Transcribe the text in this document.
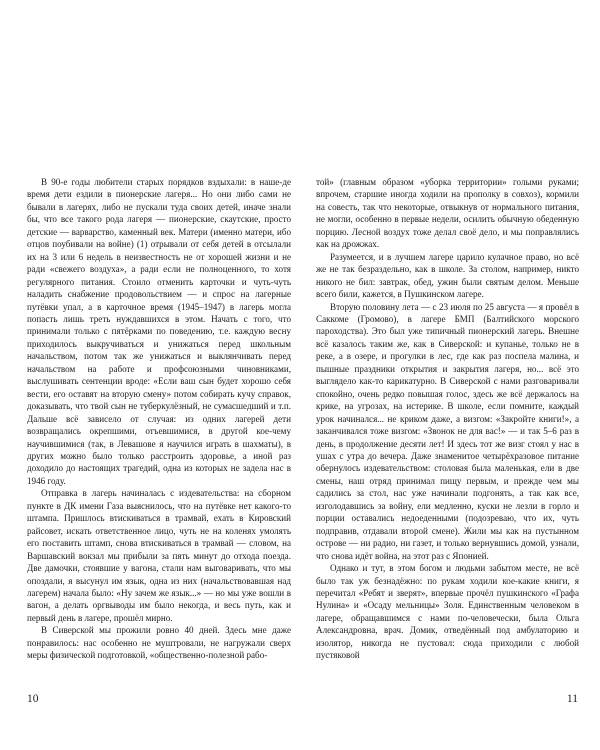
В 90-е годы любители старых порядков вздыхали: в наше-де время дети ездили в пионерские лагеря... Но они либо сами не бывали в лагерях, либо не пускали туда своих детей, иначе знали бы, что все такого рода лагеря — пионерские, скаутские, просто детские — варварство, каменный век. Матери (именно матери, ибо отцов поубивали на войне) (1) отрывали от себя детей в отсылали их на 3 или 6 недель в неизвестность не от хорошей жизни и не ради «свежего воздуха», а ради если не полноценного, то хотя регулярного питания. Стоило отменить карточки и чуть-чуть наладить снабжение продовольствием — и спрос на лагерные путёвки упал, а в карточное время (1945–1947) в лагерь могла попасть лишь треть нуждавшихся в этом. Начать с того, что принимали только с пятёрками по поведению, т.е. каждую весну приходилось выкручиваться и унижаться перед школьным начальством, потом так же унижаться и выклянчивать перед начальством на работе и профсоюзными чиновниками, выслушивать сентенции вроде: «Если ваш сын будет хорошо себя вести, его оставят на вторую смену» потом собирать кучу справок, доказывать, что твой сын не туберкулёзный, не сумасшедший и т.п. Дальше всё зависело от случая: из одних лагерей дети возвращались окрепшими, отъевшимися, в другой кое-чему научившимися (так, в Левашове я научился играть в шахматы), в других можно было только расстроить здоровье, а иной раз доходило до настоящих трагедий, одна из которых не задела нас в 1946 году.

Отправка в лагерь начиналась с издевательства: на сборном пункте в ДК имени Газа выяснилось, что на путёвке нет какого-то штампа. Пришлось втискиваться в трамвай, ехать в Кировский райсовет, искать ответственное лицо, чуть не на коленях умолять его поставить штамп, снова втискиваться в трамвай — словом, на Варшавский вокзал мы прибыли за пять минут до отхода поезда. Две дамочки, стоявшие у вагона, стали нам выговаривать, что мы опоздали, я высунул им язык, одна из них (начальствовавшая над лагерем) начала было: «Ну зачем же язык...» — но мы уже вошли в вагон, а делать оргвыводы им было некогда, и весь путь, как и первый день в лагере, прошёл мирно.

В Сиверской мы прожили ровно 40 дней. Здесь мне даже понравилось: нас особенно не муштровали, не нагружали сверх меры физической подготовкой, «общественно-полезной рабо-

той» (главным образом «уборка территории» голыми руками; впрочем, старшие иногда ходили на прополку в совхоз), кормили на совесть, так что некоторые, отвыкнув от нормального питания, не могли, особенно в первые недели, осилить обычную обеденную порцию. Лесной воздух тоже делал своё дело, и мы поправлялись как на дрожжах.

Разумеется, и в лучшем лагере царило кулачное право, но всё же не так безраздельно, как в школе. За столом, например, никто никого не бил: завтрак, обед, ужин были святым делом. Меньше всего били, кажется, в Пушкинском лагере.

Вторую половину лета — с 23 июля по 25 августа — я провёл в Саккоме (Громово), в лагере БМП (Балтийского морского пароходства). Это был уже типичный пионерский лагерь. Внешне всё казалось таким же, как в Сиверской: и купанье, только не в реке, а в озере, и прогулки в лес, где как раз поспела малина, и пышные праздники открытия и закрытия лагеря, но... всё это выглядело как-то карикатурно. В Сиверской с нами разговаривали спокойно, очень редко повышая голос, здесь же всё держалось на крике, на угрозах, на истерике. В школе, если помните, каждый урок начинался... не криком даже, а визгом: «Закройте книги!», а заканчивался тоже визгом: «Звонок не для вас!» — и так 5–6 раз в день, в продолжение десяти лет! И здесь тот же визг стоял у нас в ушах с утра до вечера. Даже знаменитое четырёхразовое питание обернулось издевательством: столовая была маленькая, ели в две смены, наш отряд принимал пищу первым, и прежде чем мы садились за стол, нас уже начинали подгонять, а так как все, изголодавшись за войну, ели медленно, куски не лезли в горло и порции оставались недоеденными (подозреваю, что их, чуть подправив, отдавали второй смене). Жили мы как на пустынном острове — ни радио, ни газет, и только вернувшись домой, узнали, что снова идёт война, на этот раз с Японией.

Однако и тут, в этом богом и людьми забытом месте, не всё было так уж безнадёжно: по рукам ходили кое-какие книги, я перечитал «Ребят и зверят», впервые прочёл пушкинского «Графа Нулина» и «Осаду мельницы» Золя. Единственным человеком в лагере, обращавшимся с нами по-человечески, была Ольга Александровна, врач. Домик, отведённый под амбулаторию и изолятор, никогда не пустовал: сюда приходили с любой пустяковой

10	11
